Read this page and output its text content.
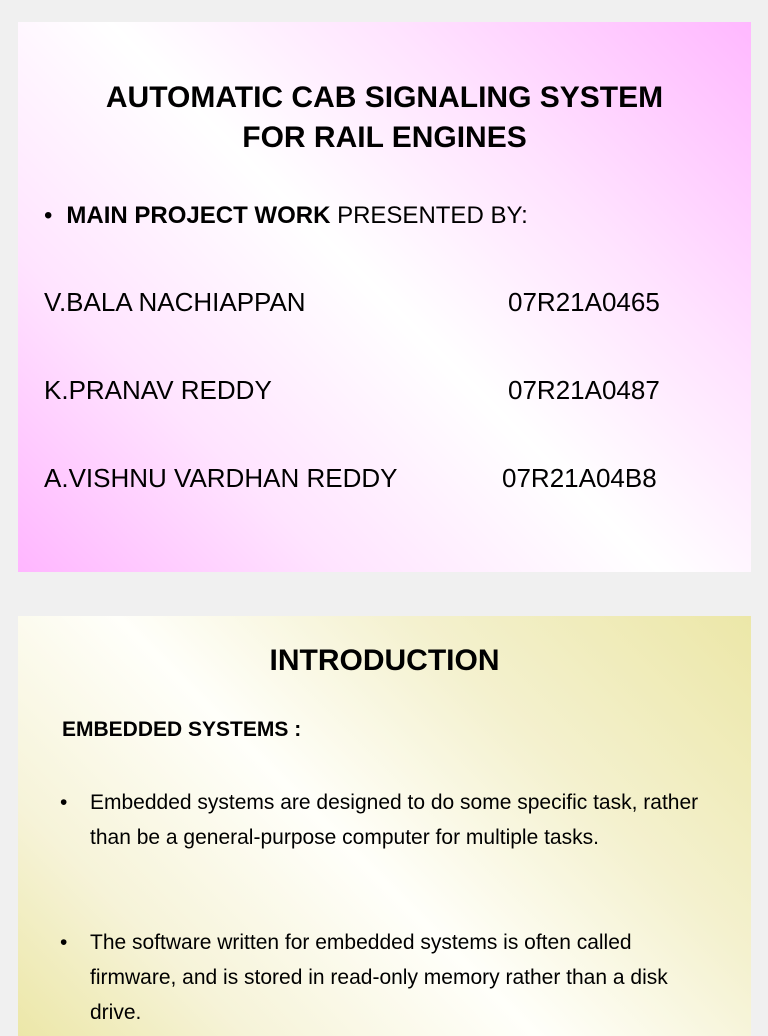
AUTOMATIC CAB SIGNALING SYSTEM
FOR RAIL ENGINES
• MAIN PROJECT WORK PRESENTED BY:
V.BALA NACHIAPPAN	07R21A0465
K.PRANAV REDDY	07R21A0487
A.VISHNU VARDHAN REDDY	07R21A04B8
INTRODUCTION
EMBEDDED SYSTEMS :
• Embedded systems are designed to do some specific task, rather than be a general-purpose computer for multiple tasks.
• The software written for embedded systems is often called firmware, and is stored in read-only memory rather than a disk drive.
